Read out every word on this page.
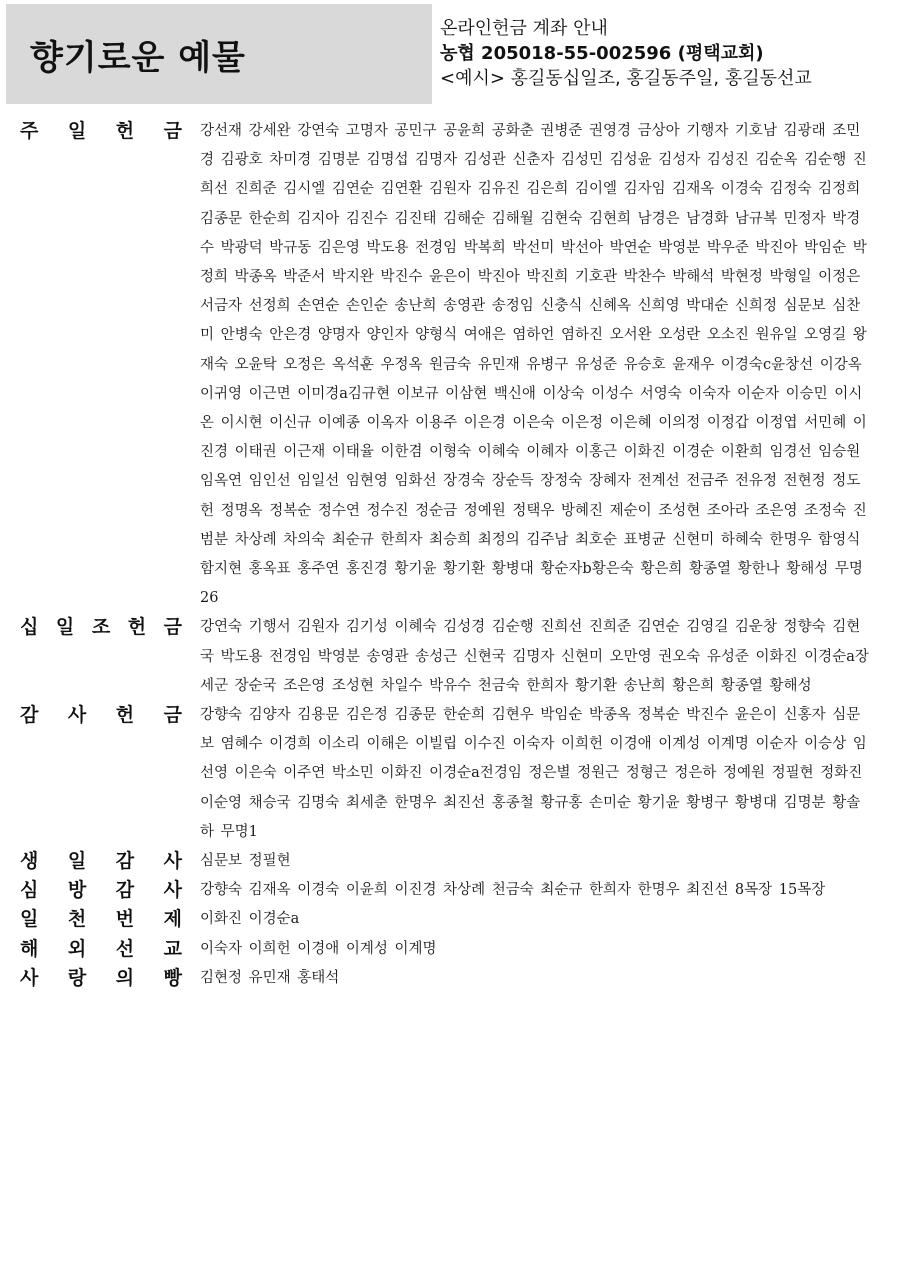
향기로운 예물
온라인헌금 계좌 안내
농협 205018-55-002596 (평택교회)
<예시> 홍길동십일조, 홍길동주일, 홍길동선교
주 일 헌 금	강선재 강세완 강연숙 고명자 공민구 공윤희 공화춘 권병준 권영경 금상아 기행자 기호남 김광래 조민경 김광호 차미경 김명분 김명섭 김명자 김성관 신춘자 김성민 김성윤 김성자 김성진 김순옥 김순행 진희선 진희준 김시엘 김연순 김연환 김원자 김유진 김은희 김이엘 김자임 김재옥 이경숙 김정숙 김정희 김종문 한순희 김지아 김진수 김진태 김해순 김해월 김현숙 김현희 남경은 남경화 남규복 민정자 박경수 박광덕 박규동 김은영 박도용 전경임 박복희 박선미 박선아 박연순 박영분 박우준 박진아 박임순 박정희 박종옥 박준서 박지완 박진수 윤은이 박진아 박진희 기호관 박찬수 박해석 박현정 박형일 이정은 서금자 선정희 손연순 손인순 송난희 송영관 송정임 신충식 신혜옥 신희영 박대순 신희정 심문보 심찬미 안병숙 안은경 양명자 양인자 양형식 여애은 염하언 염하진 오서완 오성란 오소진 원유일 오영길 왕재숙 오윤탁 오정은 옥석훈 우정옥 원금숙 유민재 유병구 유성준 유승호 윤재우 이경숙c윤창선 이강옥 이귀영 이근면 이미경a김규현 이보규 이삼현 백신애 이상숙 이성수 서영숙 이숙자 이순자 이승민 이시온 이시현 이신규 이예종 이옥자 이용주 이은경 이은숙 이은정 이은혜 이의정 이정갑 이정엽 서민혜 이진경 이태권 이근재 이태율 이한겸 이형숙 이혜숙 이혜자 이홍근 이화진 이경순 이환희 임경선 임승원 임옥연 임인선 임일선 임현영 임화선 장경숙 장순득 장정숙 장혜자 전계선 전금주 전유정 전현정 정도헌 정명옥 정복순 정수연 정수진 정순금 정예원 정택우 방혜진 제순이 조성현 조아라 조은영 조정숙 진범분 차상례 차의숙 최순규 한희자 최승희 최정의 김주남 최호순 표병균 신현미 하혜숙 한명우 함영식 함지현 홍옥표 홍주연 홍진경 황기윤 황기환 황병대 황순자b황은숙 황은희 황종열 황한나 황해성 무명26
십 일 조 헌 금	강연숙 기행서 김원자 김기성 이혜숙 김성경 김순행 진희선 진희준 김연순 김영길 김운창 정향숙 김현국 박도용 전경임 박영분 송영관 송성근 신현국 김명자 신현미 오만영 권오숙 유성준 이화진 이경순a장세군 장순국 조은영 조성현 차일수 박유수 천금숙 한희자 황기환 송난희 황은희 황종열 황해성
감 사 헌 금	강향숙 김양자 김용문 김은정 김종문 한순희 김현우 박임순 박종옥 정복순 박진수 윤은이 신홍자 심문보 염혜수 이경희 이소리 이해은 이빌립 이수진 이숙자 이희헌 이경애 이계성 이계명 이순자 이승상 임선영 이은숙 이주연 박소민 이화진 이경순a전경임 정은별 정원근 정형근 정은하 정예원 정필현 정화진 이순영 채승국 김명숙 최세춘 한명우 최진선 홍종철 황규홍 손미순 황기윤 황병구 황병대 김명분 황솔하 무명1
생 일 감 사	심문보 정필현
심 방 감 사	강향숙 김재옥 이경숙 이윤희 이진경 차상례 천금숙 최순규 한희자 한명우 최진선 8목장 15목장
일 천 번 제	이화진 이경순a
해 외 선 교	이숙자 이희헌 이경애 이계성 이계명
사 랑 의 빵	김현정 유민재 홍태석
